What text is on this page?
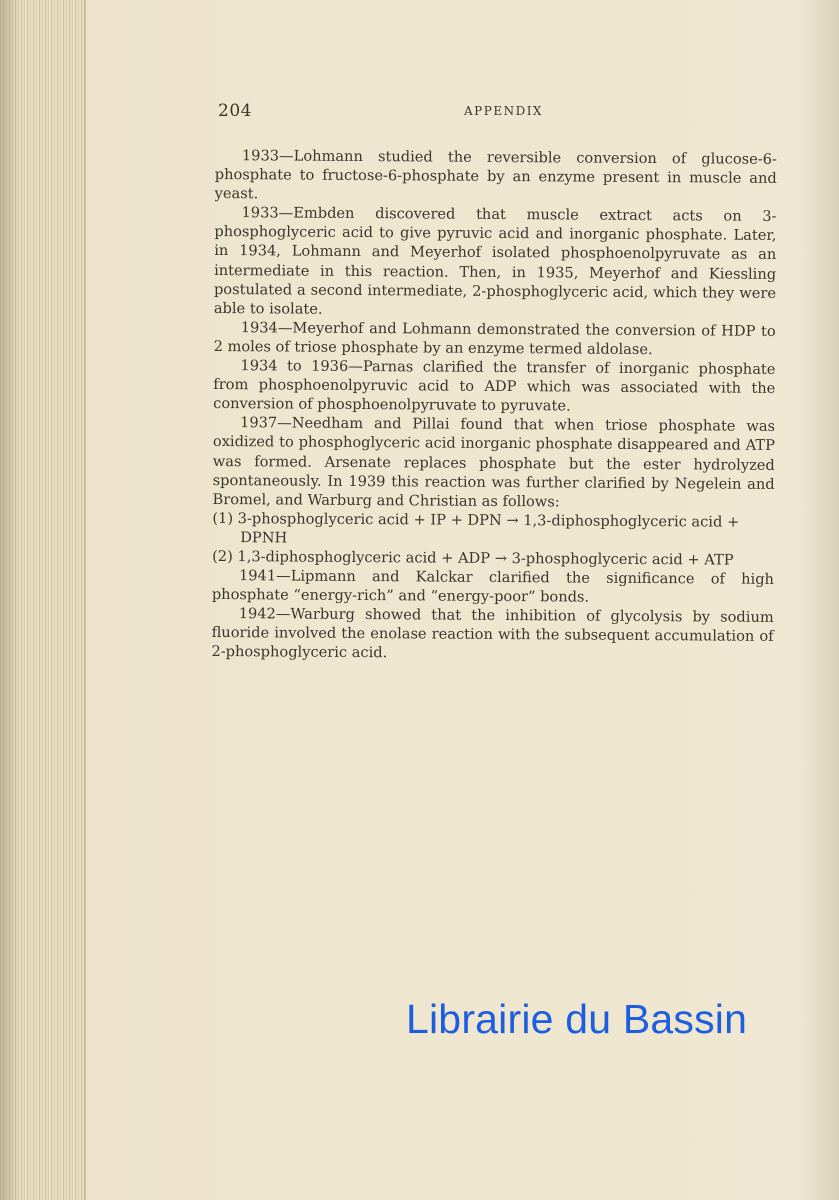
204	APPENDIX

1933—Lohmann studied the reversible conversion of glucose-6-phosphate to fructose-6-phosphate by an enzyme present in muscle and yeast.

1933—Embden discovered that muscle extract acts on 3-phosphoglyceric acid to give pyruvic acid and inorganic phosphate. Later, in 1934, Lohmann and Meyerhof isolated phosphoenolpyruvate as an intermediate in this reaction. Then, in 1935, Meyerhof and Kiessling postulated a second intermediate, 2-phosphoglyceric acid, which they were able to isolate.

1934—Meyerhof and Lohmann demonstrated the conversion of HDP to 2 moles of triose phosphate by an enzyme termed aldolase.

1934 to 1936—Parnas clarified the transfer of inorganic phosphate from phosphoenolpyruvic acid to ADP which was associated with the conversion of phosphoenolpyruvate to pyruvate.

1937—Needham and Pillai found that when triose phosphate was oxidized to phosphoglyceric acid inorganic phosphate disappeared and ATP was formed. Arsenate replaces phosphate but the ester hydrolyzed spontaneously. In 1939 this reaction was further clarified by Negelein and Bromel, and Warburg and Christian as follows:

(1) 3-phosphoglyceric acid + IP + DPN → 1,3-diphosphoglyceric acid + DPNH

(2) 1,3-diphosphoglyceric acid + ADP → 3-phosphoglyceric acid + ATP

1941—Lipmann and Kalckar clarified the significance of high phosphate “energy-rich” and “energy-poor” bonds.

1942—Warburg showed that the inhibition of glycolysis by sodium fluoride involved the enolase reaction with the subsequent accumulation of 2-phosphoglyceric acid.

Librairie du Bassin
